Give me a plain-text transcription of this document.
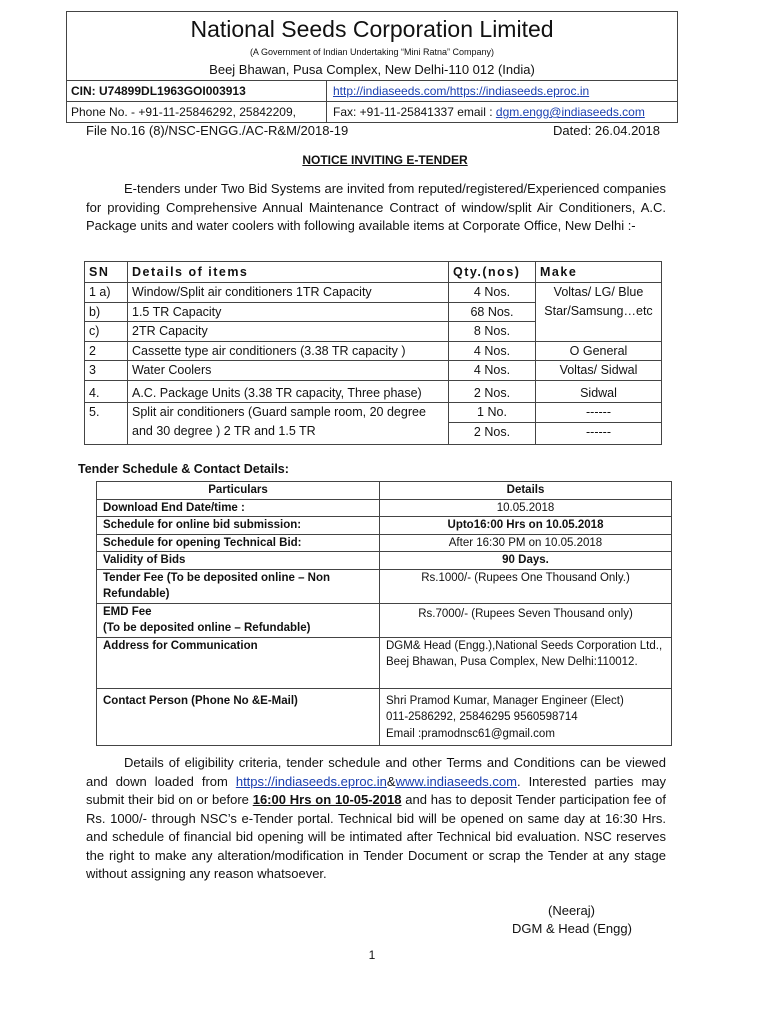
National Seeds Corporation Limited
(A Government of Indian Undertaking “Mini Ratna” Company)
Beej Bhawan, Pusa Complex, New Delhi-110 012 (India)
CIN: U74899DL1963GOI003913	http://indiaseeds.com/https://indiaseeds.eproc.in
Phone No. - +91-11-25846292, 25842209,	Fax: +91-11-25841337 email : dgm.engg@indiaseeds.com
File No.16 (8)/NSC-ENGG./AC-R&M/2018-19	Dated: 26.04.2018
NOTICE INVITING E-TENDER
E-tenders under Two Bid Systems are invited from reputed/registered/Experienced companies for providing Comprehensive Annual Maintenance Contract of window/split Air Conditioners, A.C. Package units and water coolers with following available items at Corporate Office, New Delhi :-
SN	Details of items	Qty.(nos)	Make
1 a)	Window/Split air conditioners 1TR Capacity	4 Nos.	Voltas/ LG/ Blue Star/Samsung…etc
b)	1.5 TR Capacity	68 Nos.	
c)	2TR Capacity	8 Nos.	
2	Cassette type air conditioners (3.38 TR capacity )	4 Nos.	O General
3	Water Coolers	4 Nos.	Voltas/ Sidwal
4.	A.C. Package Units (3.38 TR capacity, Three phase)	2 Nos.	Sidwal
5.	Split air conditioners (Guard sample room, 20 degree and 30 degree ) 2 TR and 1.5 TR	1 No.	------
		2 Nos.	------
Tender Schedule & Contact Details:
Particulars	Details
Download End Date/time :	10.05.2018
Schedule for online bid submission:	Upto16:00 Hrs on 10.05.2018
Schedule for opening Technical Bid:	After 16:30 PM on 10.05.2018
Validity of Bids	90 Days.
Tender Fee (To be deposited online – Non Refundable)	Rs.1000/- (Rupees One Thousand Only.)

EMD Fee
(To be deposited online – Refundable)	Rs.7000/- (Rupees Seven Thousand only)
Address for Communication	DGM& Head (Engg.),National Seeds Corporation Ltd., Beej Bhawan, Pusa Complex, New Delhi:110012.
Contact Person (Phone No &E-Mail)	Shri Pramod Kumar, Manager Engineer (Elect)
011-2586292, 25846295 9560598714
Email :pramodnsc61@gmail.com
Details of eligibility criteria, tender schedule and other Terms and Conditions can be viewed and down loaded from https://indiaseeds.eproc.in&www.indiaseeds.com. Interested parties may submit their bid on or before 16:00 Hrs on 10-05-2018 and has to deposit Tender participation fee of Rs. 1000/- through NSC’s e-Tender portal. Technical bid will be opened on same day at 16:30 Hrs. and schedule of financial bid opening will be intimated after Technical bid evaluation. NSC reserves the right to make any alteration/modification in Tender Document or scrap the Tender at any stage without assigning any reason whatsoever.
(Neeraj)
DGM & Head (Engg)
1
